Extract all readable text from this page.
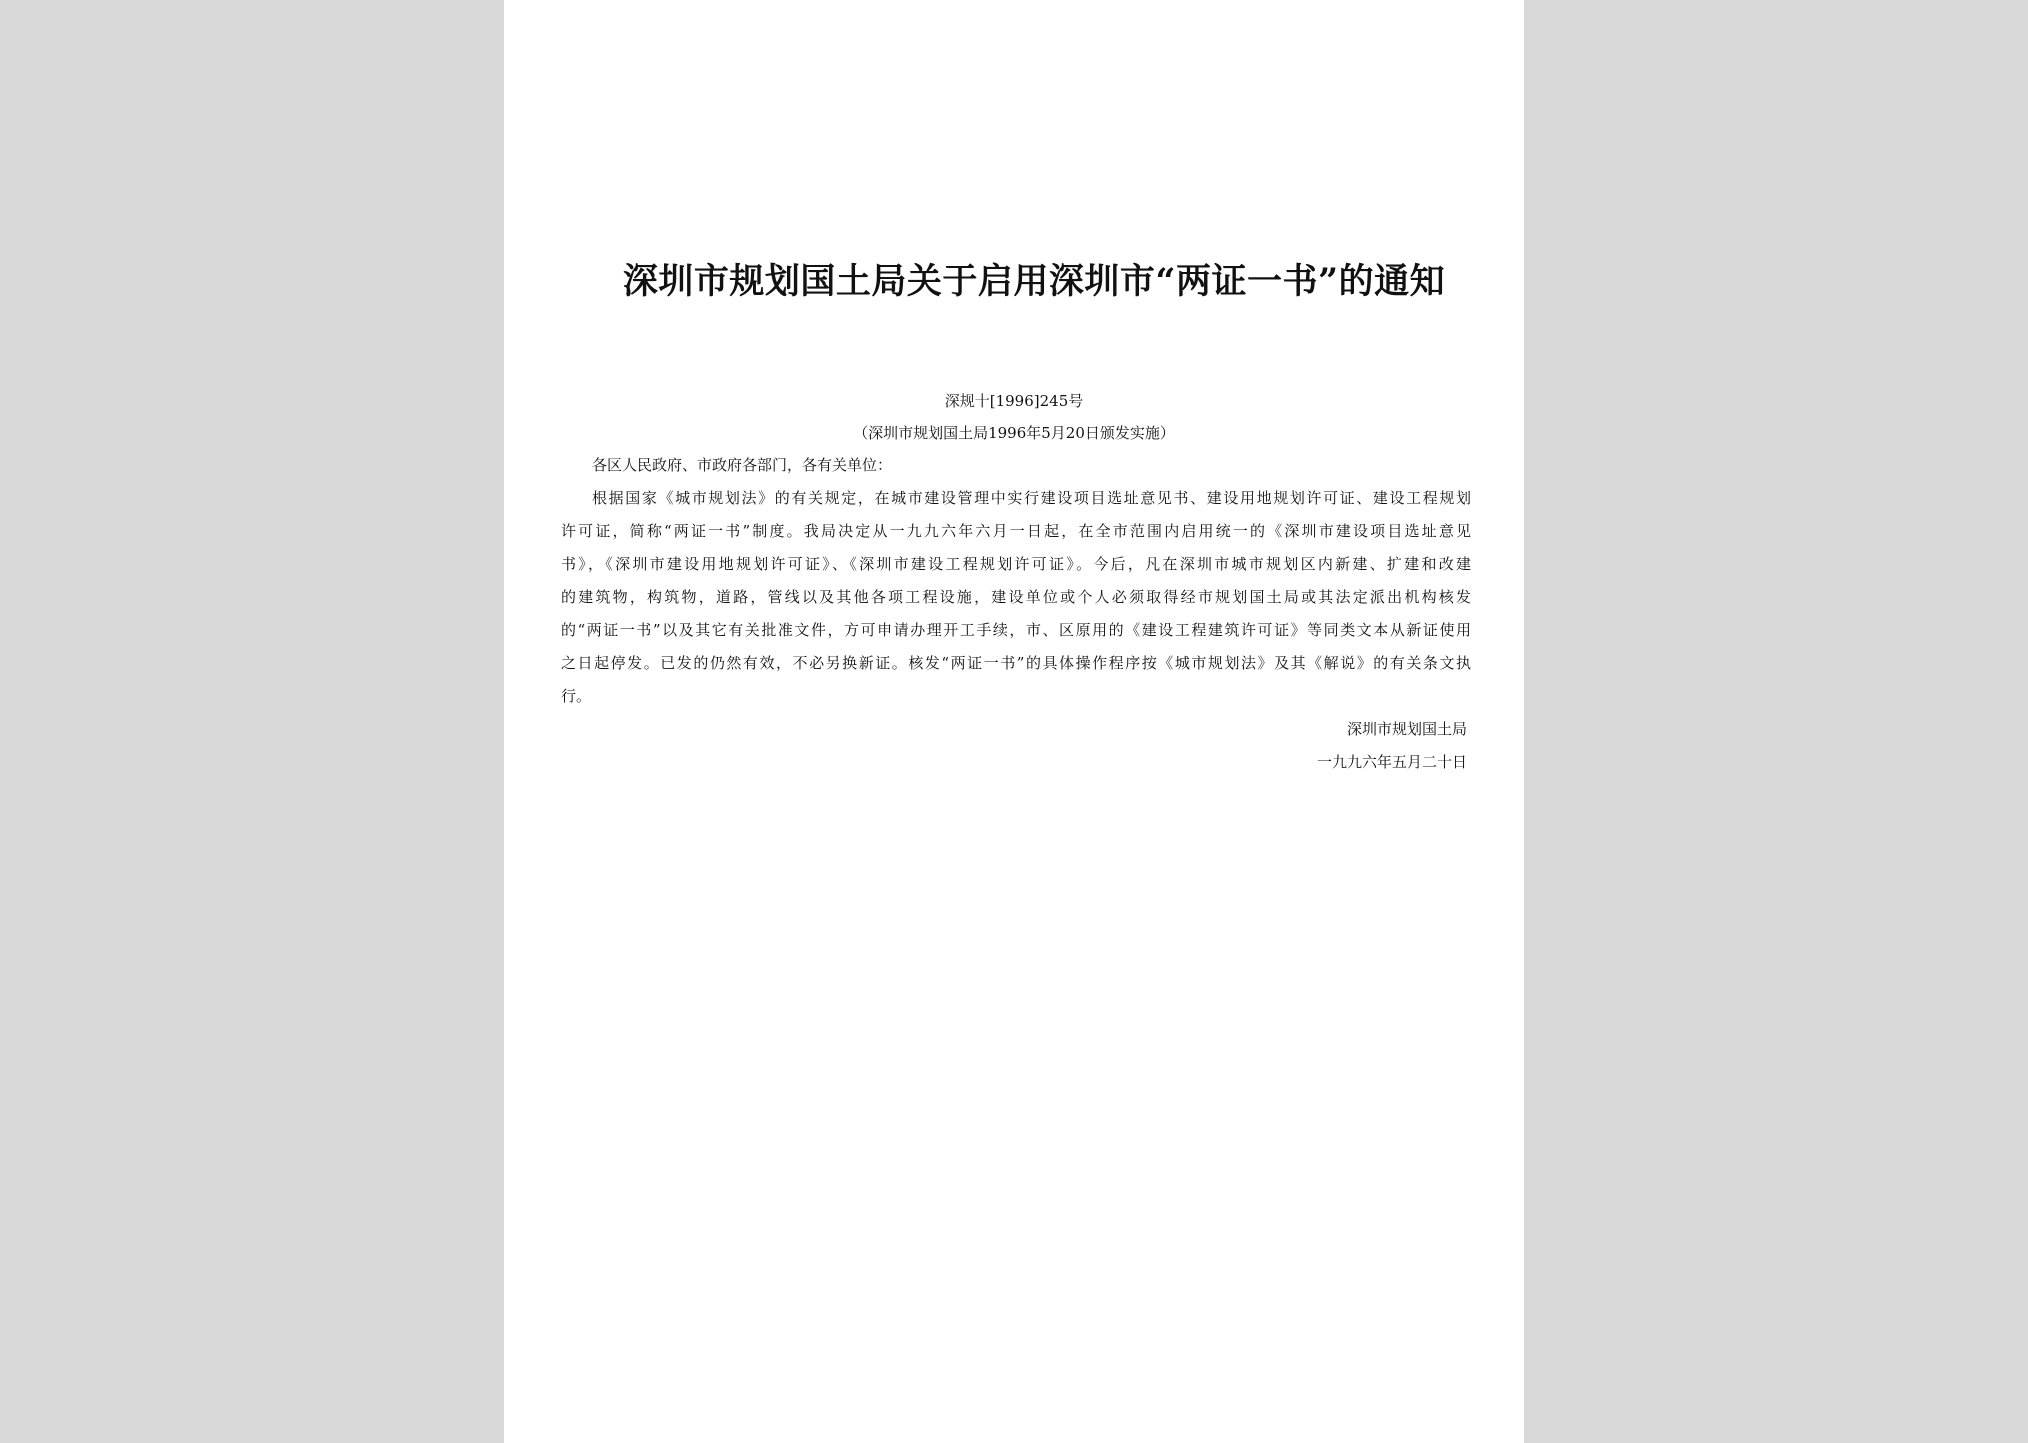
深圳市规划国土局关于启用深圳市“两证一书”的通知
深规十[1996]245号
（深圳市规划国土局1996年5月20日颁发实施）
各区人民政府、市政府各部门，各有关单位：
根据国家《城市规划法》的有关规定，在城市建设管理中实行建设项目选址意见书、建设用地规划许可证、建设工程规划
许可证，简称“两证一书”制度。我局决定从一九九六年六月一日起，在全市范围内启用统一的《深圳市建设项目选址意见
书》，《深圳市建设用地规划许可证》、《深圳市建设工程规划许可证》。今后，凡在深圳市城市规划区内新建、扩建和改建
的建筑物，构筑物，道路，管线以及其他各项工程设施，建设单位或个人必须取得经市规划国土局或其法定派出机构核发
的“两证一书”以及其它有关批准文件，方可申请办理开工手续，市、区原用的《建设工程建筑许可证》等同类文本从新证使用
之日起停发。已发的仍然有效，不必另换新证。核发“两证一书”的具体操作程序按《城市规划法》及其《解说》的有关条文执
行。
深圳市规划国土局
一九九六年五月二十日
